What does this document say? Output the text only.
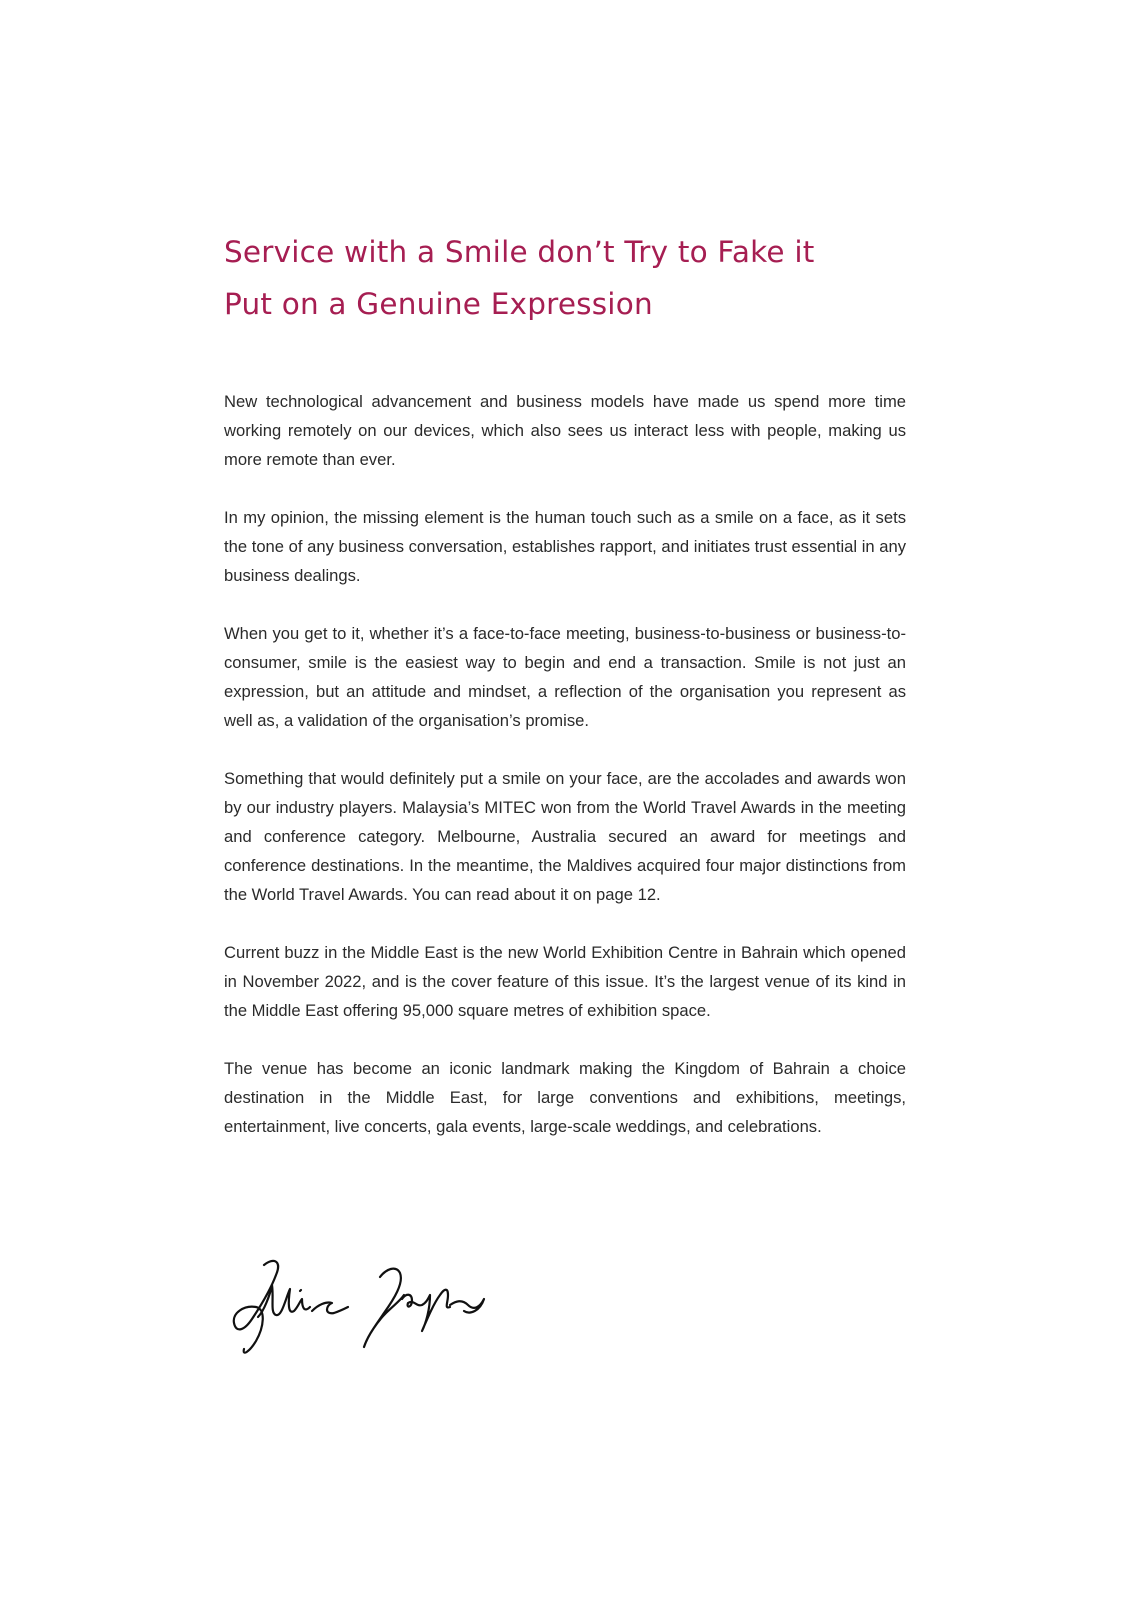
Service with a Smile don’t Try to Fake it
Put on a Genuine Expression

New technological advancement and business models have made us spend more time working remotely on our devices, which also sees us interact less with people, making us more remote than ever.

In my opinion, the missing element is the human touch such as a smile on a face, as it sets the tone of any business conversation, establishes rapport, and initiates trust essential in any business dealings.

When you get to it, whether it’s a face-to-face meeting, business-to-business or business-to-consumer, smile is the easiest way to begin and end a transaction. Smile is not just an expression, but an attitude and mindset, a reflection of the organisation you represent as well as, a validation of the organisation’s promise.

Something that would definitely put a smile on your face, are the accolades and awards won by our industry players. Malaysia’s MITEC won from the World Travel Awards in the meeting and conference category. Melbourne, Australia secured an award for meetings and conference destinations. In the meantime, the Maldives acquired four major distinctions from the World Travel Awards. You can read about it on page 12.

Current buzz in the Middle East is the new World Exhibition Centre in Bahrain which opened in November 2022, and is the cover feature of this issue. It’s the largest venue of its kind in the Middle East offering 95,000 square metres of exhibition space.

The venue has become an iconic landmark making the Kingdom of Bahrain a choice destination in the Middle East, for large conventions and exhibitions, meetings, entertainment, live concerts, gala events, large-scale weddings, and celebrations.
